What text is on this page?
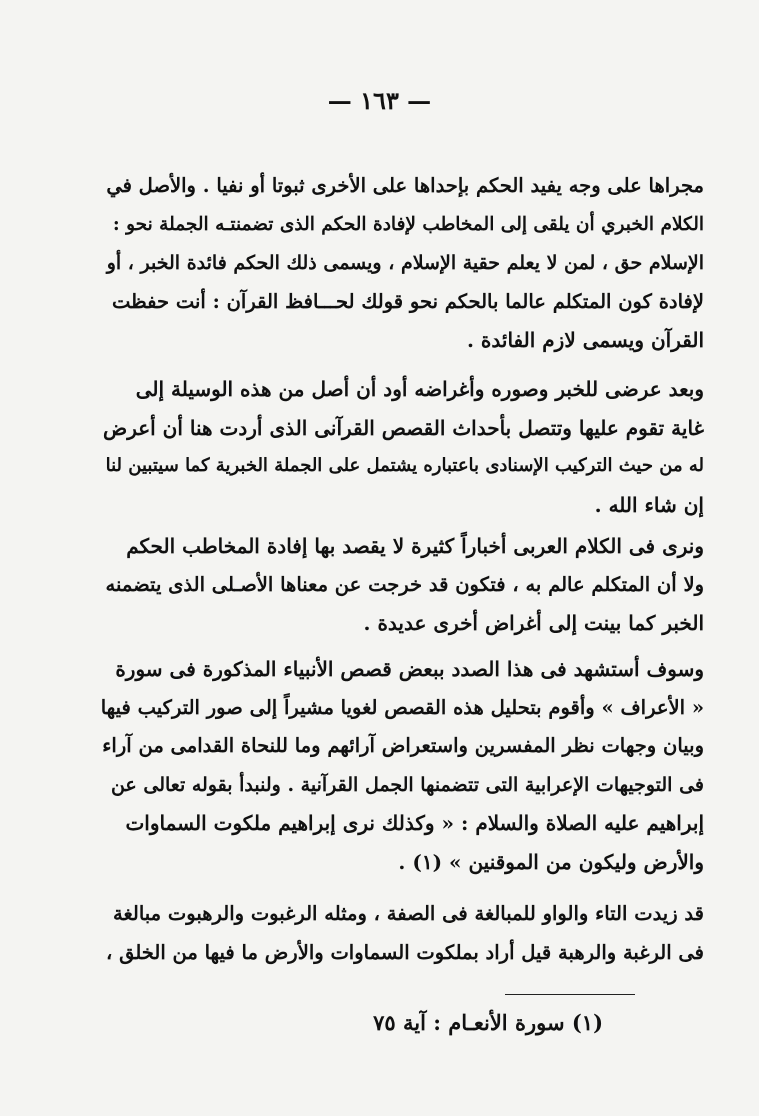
— ١٦٣ —
مجراها على وجه يفيد الحكم بإحداها على الأخرى ثبوتا أو نفيا . والأصل في
الكلام الخبري أن يلقى إلى المخاطب لإفادة الحكم الذى تضمنتـه الجملة نحو :
الإسلام حق ، لمن لا يعلم حقية الإسلام ، ويسمى ذلك الحكم فائدة الخبر ، أو
لإفادة كون المتكلم عالما بالحكم نحو قولك لحـــافظ القرآن : أنت حفظت
القرآن ويسمى لازم الفائدة .
وبعد عرضى للخبر وصوره وأغراضه أود أن أصل من هذه الوسيلة إلى
غاية تقوم عليها وتتصل بأحداث القصص القرآنى الذى أردت هنا أن أعرض
له من حيث التركيب الإسنادى باعتباره يشتمل على الجملة الخبرية كما سيتبين لنا
إن شاء الله .
ونرى فى الكلام العربى أخباراً كثيرة لا يقصد بها إفادة المخاطب الحكم
ولا أن المتكلم عالم به ، فتكون قد خرجت عن معناها الأصـلى الذى يتضمنه
الخبر كما بينت إلى أغراض أخرى عديدة .
وسوف أستشهد فى هذا الصدد ببعض قصص الأنبياء المذكورة فى سورة
« الأعراف » وأقوم بتحليل هذه القصص لغويا مشيراً إلى صور التركيب فيها
وبيان وجهات نظر المفسرين واستعراض آرائهم وما للنحاة القدامى من آراء
فى التوجيهات الإعرابية التى تتضمنها الجمل القرآنية . ولنبدأ بقوله تعالى عن
إبراهيم عليه الصلاة والسلام : « وكذلك نرى إبراهيم ملكوت السماوات
والأرض وليكون من الموقنين » (١) .
قد زيدت التاء والواو للمبالغة فى الصفة ، ومثله الرغبوت والرهبوت مبالغة
فى الرغبة والرهبة قيل أراد بملكوت السماوات والأرض ما فيها من الخلق ،
(١) سورة الأنعـام : آية ٧٥
